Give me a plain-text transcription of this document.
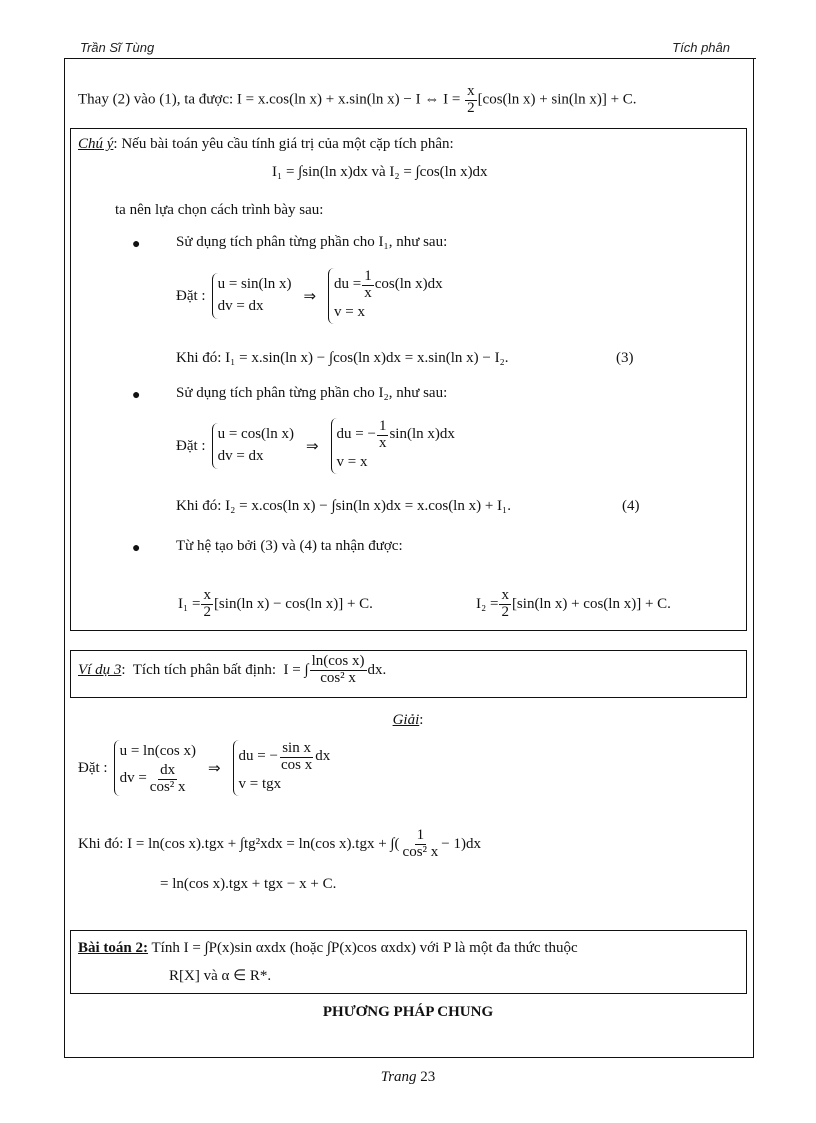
Trần Sĩ Tùng	Tích phân
Thay (2) vào (1), ta được: I = x.cos(ln x) + x.sin(ln x) − I ⇔ $I = \frac{x}{2} [\cos(\ln$ x) + sin(ln x)] + C.
Chú ý: Nếu bài toán yêu cầu tính giá trị của một cặp tích phân:
I₁ = ∫sin(ln x)dx và I₂ = ∫cos(ln x)dx
ta nên lựa chọn cách trình bày sau:
● Sử dụng tích phân từng phần cho I₁, như sau:
Đặt :
u = sin(ln x)
dv = dx
⇒
du = $\frac{1}{x} \cos(\ln$ x)dx
v = x
Khi đó: I₁ = x.sin(ln x) − ∫cos(ln x)dx = x.sin(ln x) − I₂.	(3)
● Sử dụng tích phân từng phần cho I₂, như sau:
Đặt :
u = cos(ln x)
dv = dx
⇒
du = − $\frac{1}{x} \sin(\ln$ x)dx
v = x
Khi đó: I₂ = x.cos(ln x) − ∫sin(ln x)dx = x.cos(ln x) + I₁.	(4)
● Từ hệ tạo bởi (3) và (4) ta nhận được:
$I_1 = \frac{x}{2} [\sin(\ln$ x) − cos(ln x)] + C.	$I_2 = \frac{x}{2} [\sin(\ln$ x) + cos(ln x)] + C.
Ví dụ 3 :  Tích tích phân bất định:  I = ∫ $\frac{\text{ln(cos x)}}{\text{cos² x}}$ dx.
Giải:
Đặt :
u = ln(cos x)
dv = $\frac{dx}{\text{cos² x}}$ ⇒
du = − $\frac{\text{sin x}}{\text{cos x}}$ dx
v = tgx
Khi đó: I = ln(cos x).tgx + ∫tg²xdx = ln(cos x).tgx + ∫( $\frac{1}{\text{cos² x}} - 1)dx$
= ln(cos x).tgx + tgx − x + C.
Bài toán 2: Tính I = ∫P(x)sin αxdx (hoặc ∫P(x)cos αxdx) với P là một đa thức thuộc
R[X] và α ∈ R*.
PHƯƠNG PHÁP CHUNG
Trang 23
